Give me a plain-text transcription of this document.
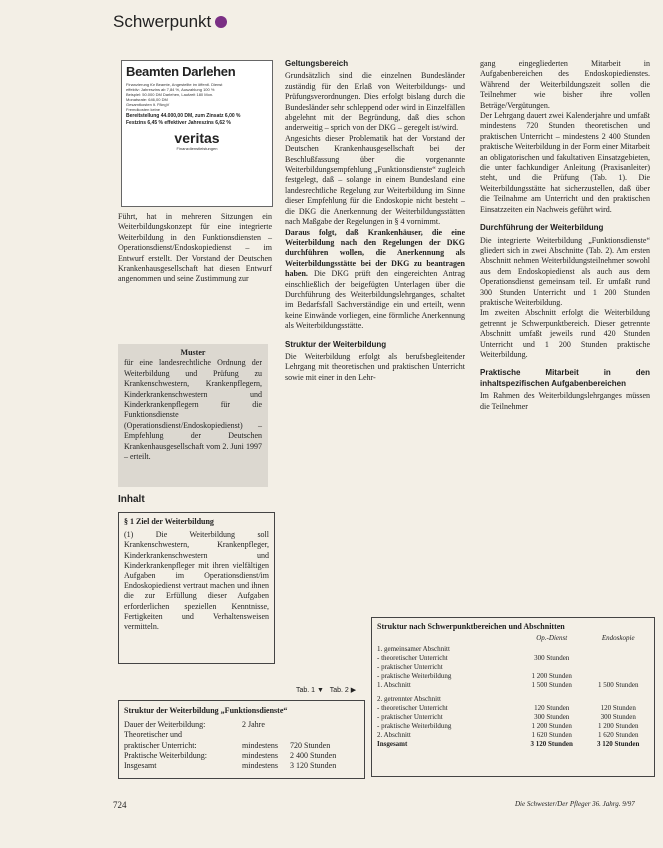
Schwerpunkt
Beamten Darlehen
Finanzierung für Beamte, Angestellte im öffentl. Dienst
effektiv: Jahreszins ab 7,84 %, Auszahlung 100 %
Beispiel: 50.000 DM Darlehen, Laufzeit 180 Mon.
Monatsrate: 646,00 DM
Gesamtkosten lt. PAngV
Fremdkosten keine
Bereitstellung 44.000,00 DM, zum Zinsatz 6,00 %
Festzins 6,45 % effektiver Jahreszins 6,62 %
veritas
Finanzdienstleistungen

Führt, hat in mehreren Sitzungen ein Weiterbildungskonzept für eine integrierte Weiterbildung in den Funktionsdiensten – Operationsdienst/Endoskopiedienst – im Entwurf erstellt. Der Vorstand der Deutschen Krankenhausgesellschaft hat diesen Entwurf angenommen und seine Zustimmung zur

Muster
für eine landesrechtliche Ordnung der Weiterbildung und Prüfung zu Krankenschwestern, Krankenpflegern, Kinderkrankenschwestern und Kinderkrankenpflegern für die Funktionsdienste (Operationsdienst/Endoskopiedienst) – Empfehlung der Deutschen Krankenhausgesellschaft vom 2. Juni 1997 – erteilt.
Inhalt
§ 1 Ziel der Weiterbildung
(1) Die Weiterbildung soll Krankenschwestern, Krankenpfleger, Kinderkrankenschwestern und Kinderkrankenpfleger mit ihren vielfältigen Aufgaben im Operationsdienst/im Endoskopiedienst vertraut machen und ihnen die zur Erfüllung dieser Aufgaben erforderlichen speziellen Kenntnisse, Fertigkeiten und Verhaltensweisen vermitteln.
Tab. 1 ▼ Tab. 2 ▶
Struktur der Weiterbildung „Funktionsdienste“
Dauer der Weiterbildung:	2 Jahre
Theoretischer und
praktischer Unterricht:	mindestens	720 Stunden
Praktische Weiterbildung:	mindestens	2 400 Stunden
Insgesamt	mindestens	3 120 Stunden
Geltungsbereich

Grundsätzlich sind die einzelnen Bundesländer zuständig für den Erlaß von Weiterbildungs- und Prüfungsverordnungen. Dies erfolgt bislang durch die Bundesländer sehr schleppend oder wird in Einzelfällen abgelehnt mit der Begründung, daß dies schon anderweitig – sprich von der DKG – geregelt ist/wird.

Angesichts dieser Problematik hat der Vorstand der Deutschen Krankenhausgesellschaft bei der Beschlußfassung über die vorgenannte Weiterbildungsempfehlung „Funktionsdienste“ zugleich festgelegt, daß – solange in einem Bundesland eine landesrechtliche Regelung zur Weiterbildung im Sinne dieser Empfehlung für die Endoskopie nicht besteht – die DKG die Anerkennung der Weiterbildungsstätten nach Maßgabe der Regelungen in § 4 vornimmt.

Daraus folgt, daß Krankenhäuser, die eine Weiterbildung nach den Regelungen der DKG durchführen wollen, die Anerkennung als Weiterbildungsstätte bei der DKG zu beantragen haben. Die DKG prüft den eingereichten Antrag einschließlich der beigefügten Unterlagen über die Durchführung des Weiterbildungslehrganges, schaltet im Bedarfsfall Sachverständige ein und erteilt, wenn keine Einwände vorliegen, eine förmliche Anerkennung als Weiterbildungsstätte.

Struktur der Weiterbildung

Die Weiterbildung erfolgt als berufsbegleitender Lehrgang mit theoretischen und praktischen Unterricht sowie mit einer in den Lehr-

gang eingegliederten Mitarbeit in Aufgabenbereichen des Endoskopiedienstes. Während der Weiterbildungszeit sollen die Teilnehmer wie bisher ihre vollen Beträge/Vergütungen.

Der Lehrgang dauert zwei Kalenderjahre und umfaßt mindestens 720 Stunden theoretischen und praktischen Unterricht – mindestens 2 400 Stunden praktische Weiterbildung in der Form einer Mitarbeit an obligatorischen und fakultativen Einsatzgebieten, die unter fachkundiger Anleitung (Praxisanleiter) steht, und die Prüfung (Tab. 1). Die Weiterbildungsstätte hat sicherzustellen, daß über die Teilnahme am Unterricht und den praktischen Einsatzzeiten ein Nachweis geführt wird.

Durchführung der Weiterbildung

Die integrierte Weiterbildung „Funktionsdienste“ gliedert sich in zwei Abschnitte (Tab. 2). Am ersten Abschnitt nehmen Weiterbildungsteilnehmer sowohl aus dem Endoskopiedienst als auch aus dem Operationsdienst gemeinsam teil. Er umfaßt rund 300 Stunden Unterricht und 1 200 Stunden praktische Weiterbildung.

Im zweiten Abschnitt erfolgt die Weiterbildung getrennt je Schwerpunktbereich. Dieser getrennte Abschnitt umfaßt jeweils rund 420 Stunden Unterricht und 1 200 Stunden praktische Weiterbildung.

Praktische Mitarbeit in den inhaltspezifischen Aufgabenbereichen

Im Rahmen des Weiterbildungslehrganges müssen die Teilnehmer

Struktur nach Schwerpunktbereichen und Abschnitten
Op.-Dienst	Endoskopie
1. gemeinsamer Abschnitt
- theoretischer Unterricht	300 Stunden
- praktischer Unterricht
- praktische Weiterbildung	1 200 Stunden
1. Abschnitt	1 500 Stunden	1 500 Stunden
2. getrennter Abschnitt
- theoretischer Unterricht	120 Stunden	120 Stunden
- praktischer Unterricht	300 Stunden	300 Stunden
- praktische Weiterbildung	1 200 Stunden	1 200 Stunden
2. Abschnitt	1 620 Stunden	1 620 Stunden
Insgesamt	3 120 Stunden	3 120 Stunden
724	Die Schwester/Der Pfleger 36. Jahrg. 9/97
